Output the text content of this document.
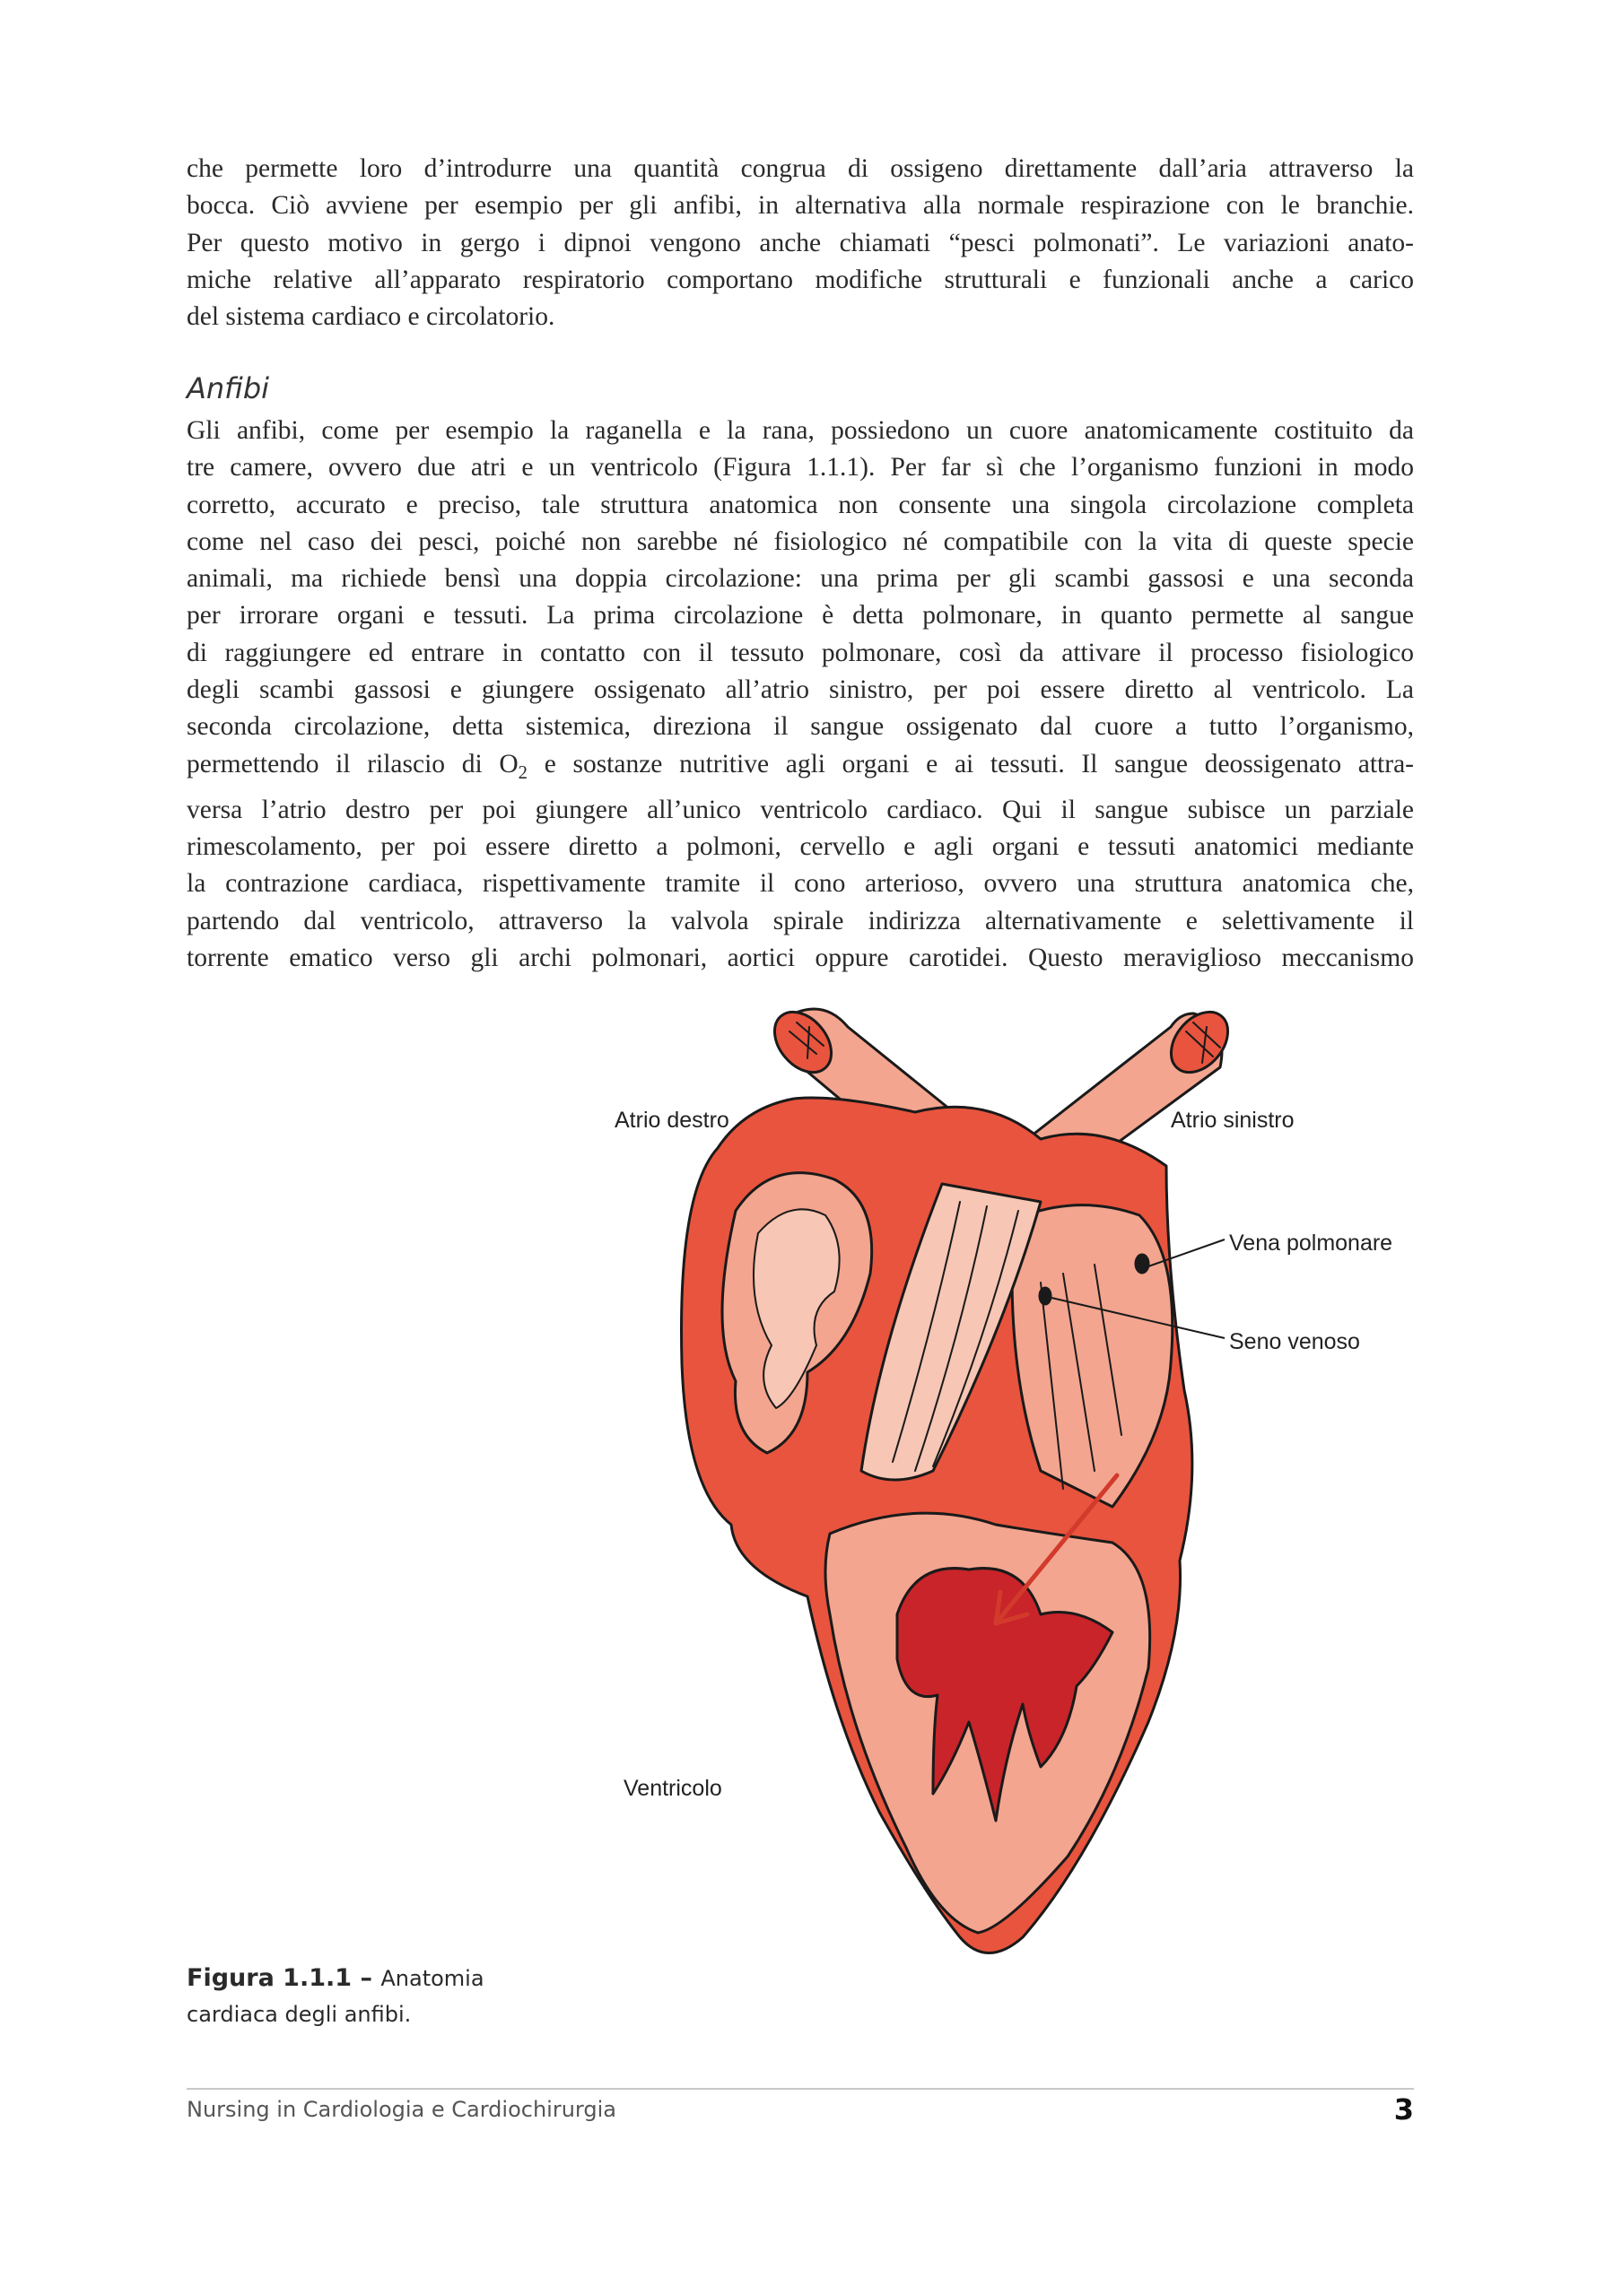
che permette loro d’introdurre una quantità congrua di ossigeno direttamente dall’aria attraverso la
bocca. Ciò avviene per esempio per gli anfibi, in alternativa alla normale respirazione con le branchie.
Per questo motivo in gergo i dipnoi vengono anche chiamati “pesci polmonati”. Le variazioni anato-
miche relative all’apparato respiratorio comportano modifiche strutturali e funzionali anche a carico
del sistema cardiaco e circolatorio.
Anfibi
Gli anfibi, come per esempio la raganella e la rana, possiedono un cuore anatomicamente costituito da
tre camere, ovvero due atri e un ventricolo (Figura 1.1.1). Per far sì che l’organismo funzioni in modo
corretto, accurato e preciso, tale struttura anatomica non consente una singola circolazione completa
come nel caso dei pesci, poiché non sarebbe né fisiologico né compatibile con la vita di queste specie
animali, ma richiede bensì una doppia circolazione: una prima per gli scambi gassosi e una seconda
per irrorare organi e tessuti. La prima circolazione è detta polmonare, in quanto permette al sangue
di raggiungere ed entrare in contatto con il tessuto polmonare, così da attivare il processo fisiologico
degli scambi gassosi e giungere ossigenato all’atrio sinistro, per poi essere diretto al ventricolo. La
seconda circolazione, detta sistemica, direziona il sangue ossigenato dal cuore a tutto l’organismo,
permettendo il rilascio di $O_2$ e sostanze nutritive agli organi e ai tessuti. Il sangue deossigenato attra-
versa l’atrio destro per poi giungere all’unico ventricolo cardiaco. Qui il sangue subisce un parziale
rimescolamento, per poi essere diretto a polmoni, cervello e agli organi e tessuti anatomici mediante
la contrazione cardiaca, rispettivamente tramite il cono arterioso, ovvero una struttura anatomica che,
partendo dal ventricolo, attraverso la valvola spirale indirizza alternativamente e selettivamente il
torrente ematico verso gli archi polmonari, aortici oppure carotidei. Questo meraviglioso meccanismo
Atrio destro	Atrio sinistro
Vena polmonare
Seno venoso
Ventricolo
Figura 1.1.1 – Anatomia cardiaca degli anfibi.
Nursing in Cardiologia e Cardiochirurgia	3
